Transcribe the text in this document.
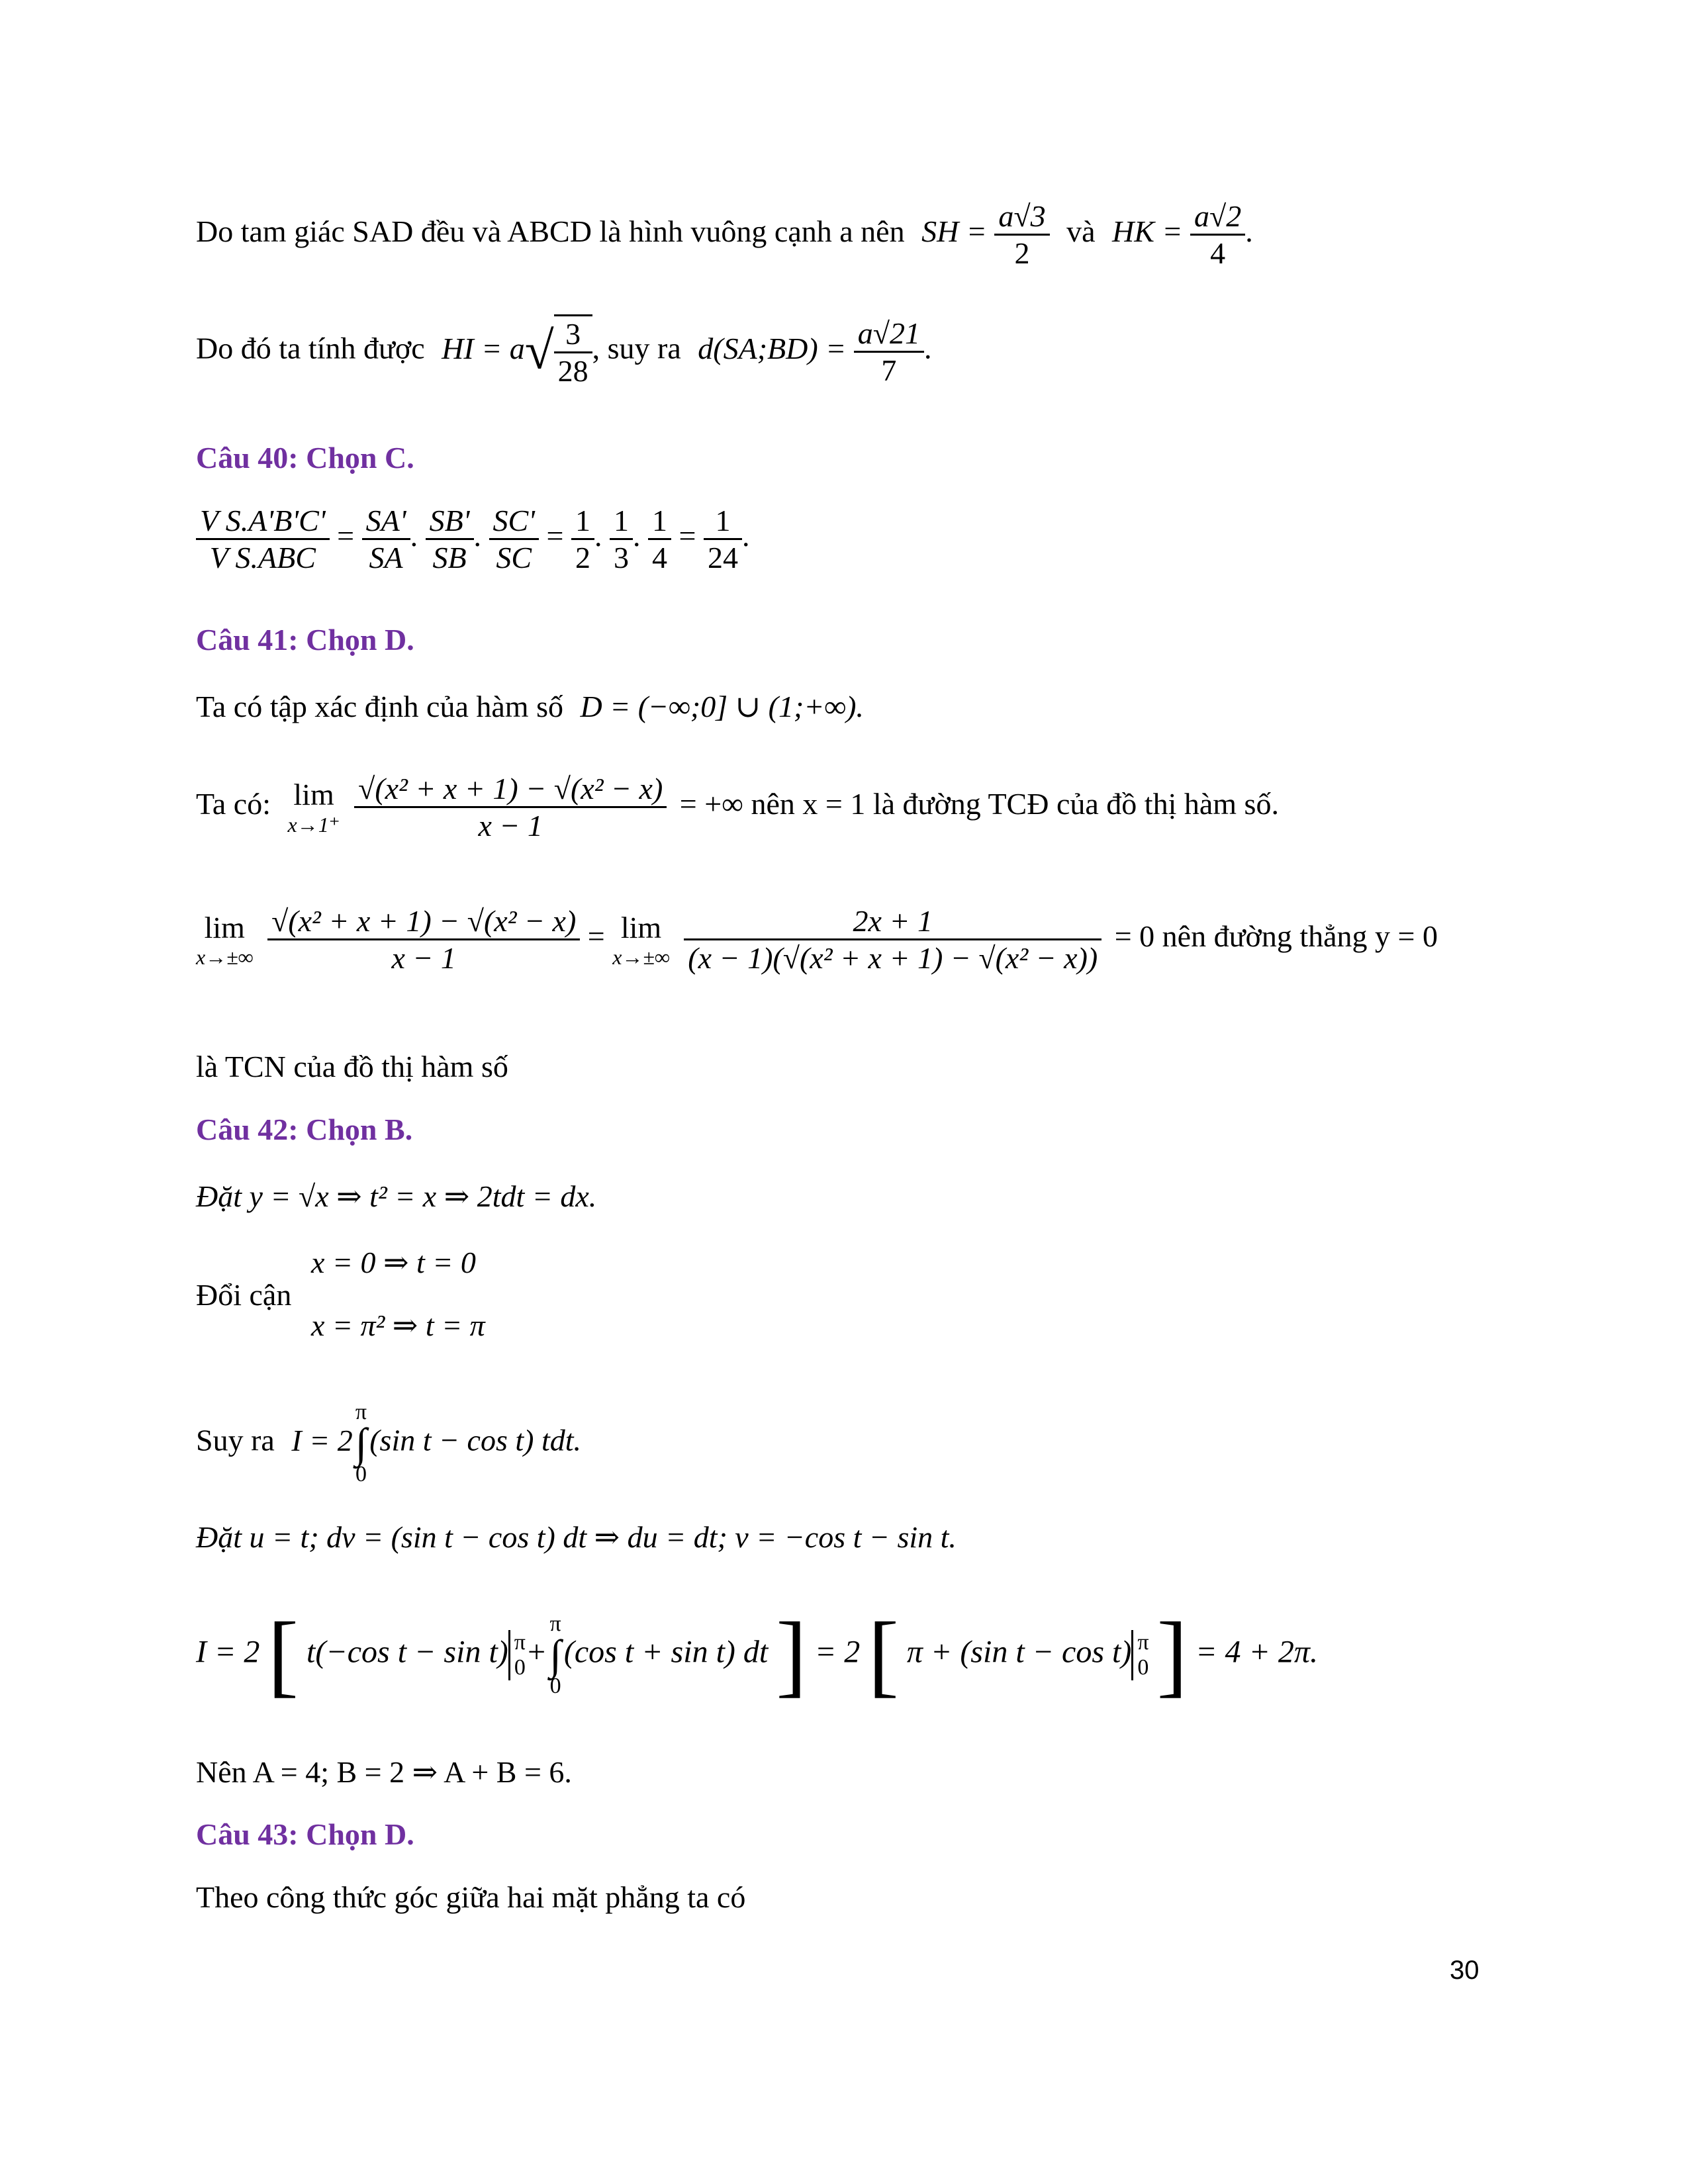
Do tam giác SAD đều và ABCD là hình vuông cạnh a nên SH = $\frac{a√3}{2}$ và HK = $\frac{a√2}{4}$ .
Do đó ta tính được HI = $a√ \frac{3}{28}$ , suy ra d(SA;BD) = $\frac{a√21}{7}$ .
Câu 40: Chọn C.
$\frac{\text{V S.A'B'C'}}{\text{V S.ABC}} = \frac{SA'}{SA}$ . $\frac{SB'}{SB}$ . $\frac{SC'}{SC} = \frac{1}{2}$ . $\frac{1}{3}$ . $\frac{1}{4} = \frac{1}{24}$ .
Câu 41: Chọn D.
Ta có tập xác định của hàm số D = (−∞;0] ∪ (1;+∞).
Ta có: lim
x→1⁺
$\frac{\text{√(x² + x + 1) − √(x² − x)}}{x - 1}$ = +∞ nên x = 1 là đường TCĐ của đồ thị hàm số.
lim
x→±∞
$\frac{\text{√(x² + x + 1) − √(x² − x)}}{x - 1} = \lim$
x→±∞
$\frac{2x + 1}{\text{(x − 1)(√(x² + x + 1) − √(x² − x))}} = 0$ nên đường thẳng y = 0
là TCN của đồ thị hàm số
Câu 42: Chọn B.
Đặt y = √x ⇒ t² = x ⇒ 2tdt = dx.
Đổi cận
x = 0 ⇒ t = 0
x = π² ⇒ t = π
Suy ra I = 2
π
∫
0
(sin t − cos t) tdt.
Đặt u = t; dv = (sin t − cos t) dt ⇒ du = dt; v = −cos t − sin t.
I = 2 [ t(−cos t − sin t) π
0 +
π
∫
0
(cos t + sin t) dt ] = 2 [ π + (sin t − cos t) π
0 ] = 4 + 2π.
Nên A = 4; B = 2 ⇒ A + B = 6.
Câu 43: Chọn D.
Theo công thức góc giữa hai mặt phẳng ta có
30
